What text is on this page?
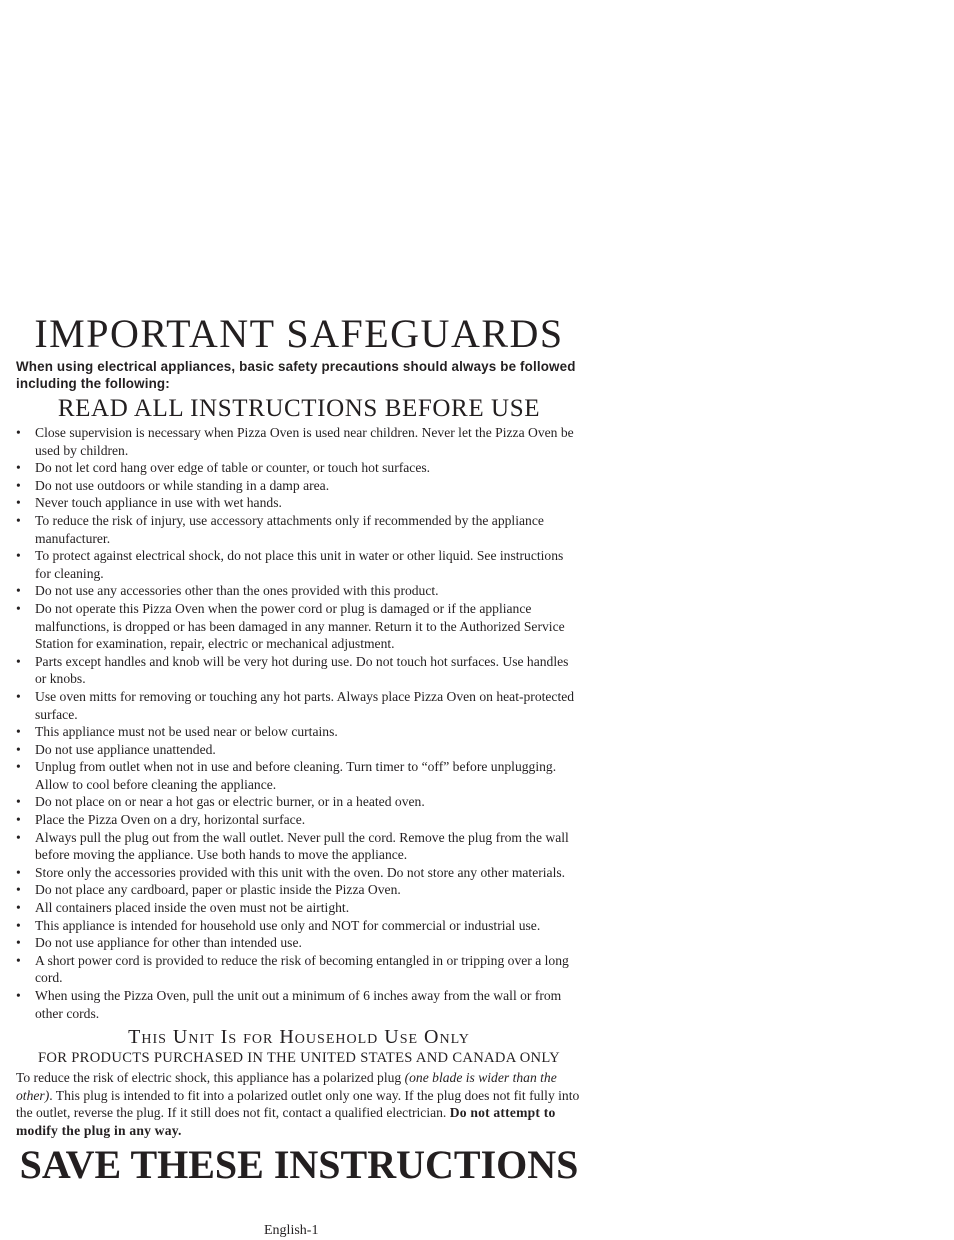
IMPORTANT SAFEGUARDS

When using electrical appliances, basic safety precautions should always be followed including the following:

READ ALL INSTRUCTIONS BEFORE USE
• Close supervision is necessary when Pizza Oven is used near children. Never let the Pizza Oven be used by children.
• Do not let cord hang over edge of table or counter, or touch hot surfaces.
• Do not use outdoors or while standing in a damp area.
• Never touch appliance in use with wet hands.
• To reduce the risk of injury, use accessory attachments only if recommended by the appliance manufacturer.
• To protect against electrical shock, do not place this unit in water or other liquid. See instructions for cleaning.
• Do not use any accessories other than the ones provided with this product.
• Do not operate this Pizza Oven when the power cord or plug is damaged or if the appliance malfunctions, is dropped or has been damaged in any manner. Return it to the Authorized Service Station for examination, repair, electric or mechanical adjustment.
• Parts except handles and knob will be very hot during use. Do not touch hot surfaces. Use handles or knobs.
• Use oven mitts for removing or touching any hot parts. Always place Pizza Oven on heat-protected surface.
• This appliance must not be used near or below curtains.
• Do not use appliance unattended.
• Unplug from outlet when not in use and before cleaning. Turn timer to “off” before unplugging. Allow to cool before cleaning the appliance.
• Do not place on or near a hot gas or electric burner, or in a heated oven.
• Place the Pizza Oven on a dry, horizontal surface.
• Always pull the plug out from the wall outlet. Never pull the cord. Remove the plug from the wall before moving the appliance. Use both hands to move the appliance.
• Store only the accessories provided with this unit with the oven. Do not store any other materials.
• Do not place any cardboard, paper or plastic inside the Pizza Oven.
• All containers placed inside the oven must not be airtight.
• This appliance is intended for household use only and NOT for commercial or industrial use.
• Do not use appliance for other than intended use.
• A short power cord is provided to reduce the risk of becoming entangled in or tripping over a long cord.
• When using the Pizza Oven, pull the unit out a minimum of 6 inches away from the wall or from other cords.
This Unit Is for Household Use Only

FOR PRODUCTS PURCHASED IN THE UNITED STATES AND CANADA ONLY

To reduce the risk of electric shock, this appliance has a polarized plug (one blade is wider than the other). This plug is intended to fit into a polarized outlet only one way. If the plug does not fit fully into the outlet, reverse the plug. If it still does not fit, contact a qualified electrician. Do not attempt to modify the plug in any way.

SAVE THESE INSTRUCTIONS
English-1
